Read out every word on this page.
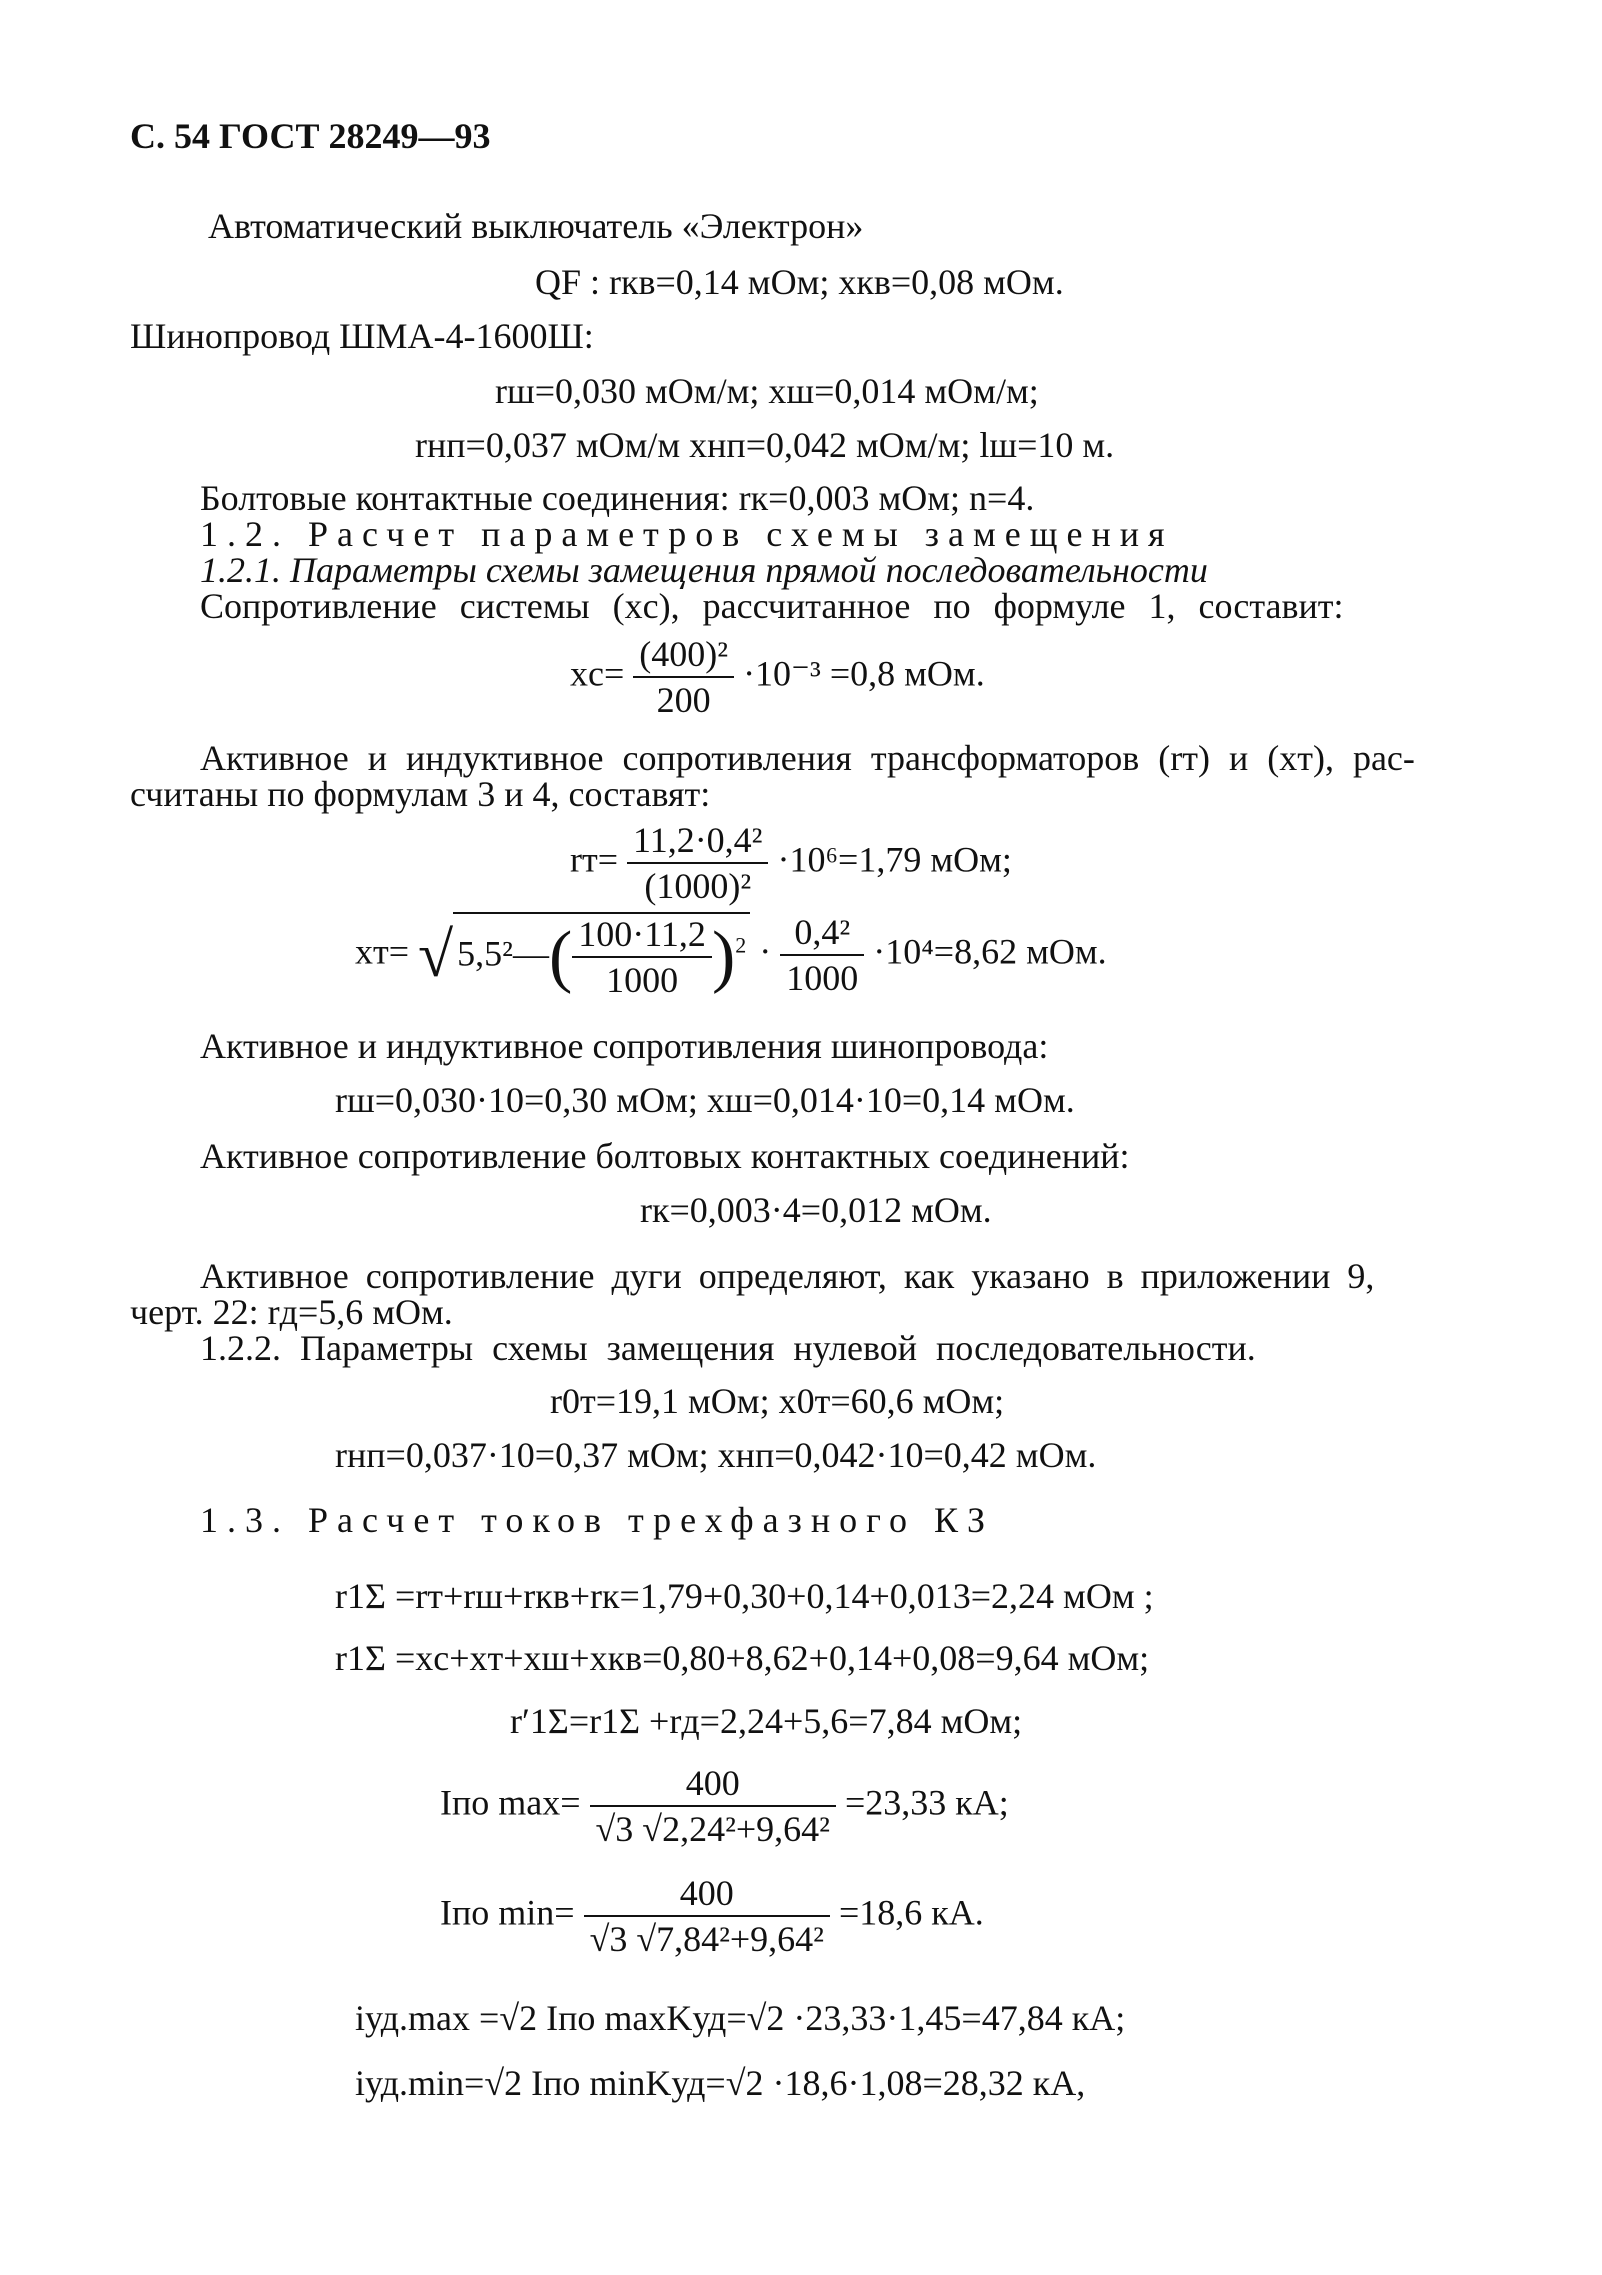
С. 54 ГОСТ 28249—93
Автоматический выключатель «Электрон»
QF : rкв=0,14 мОм; xкв=0,08 мОм.
Шинопровод ШМА-4-1600Ш:
rш=0,030 мОм/м; xш=0,014 мОм/м;
rнп=0,037 мОм/м xнп=0,042 мОм/м; lш=10 м.
Болтовые контактные соединения: rк=0,003 мОм; n=4.
1.2. Расчет параметров схемы замещения
1.2.1. Параметры схемы замещения прямой последовательности
Сопротивление системы (xс), рассчитанное по формуле 1, составит:
$xс= \frac{\text{(400)²}}{200} \cdot 10^{-3} =0,8$ мОм.
Активное и индуктивное сопротивления трансформаторов (rт) и (xт), рас-
считаны по формулам 3 и 4, составят:
$rт= \frac{\text{11,2·0,4²}}{\text{(1000)²}} \cdot 10^6=1,79$ мОм;
xт= √ 5,5²—( $\frac{100\cdot 11,2}{1000} )^2 \cdot \frac{\text{0,4²}}{1000} \cdot 10^4=8,62$ мОм.
Активное и индуктивное сопротивления шинопровода:
rш=0,030·10=0,30 мОм; xш=0,014·10=0,14 мОм.
Активное сопротивление болтовых контактных соединений:
rк=0,003·4=0,012 мОм.
Активное сопротивление дуги определяют, как указано в приложении 9,
черт. 22: rд=5,6 мОм.
1.2.2. Параметры схемы замещения нулевой последовательности.
r0т=19,1 мОм; x0т=60,6 мОм;
rнп=0,037·10=0,37 мОм; xнп=0,042·10=0,42 мОм.
1.3. Расчет токов трехфазного КЗ
r1Σ =rт+rш+rкв+rк=1,79+0,30+0,14+0,013=2,24 мОм ;
r1Σ =xс+xт+xш+xкв=0,80+8,62+0,14+0,08=9,64 мОм;
r′1Σ=r1Σ +rд=2,24+5,6=7,84 мОм;
Iпо $\max= \frac{400}{\text{√3 √2,24²+9,64²}} =23,33$ кА;
Iпо $\min= \frac{400}{\text{√3 √7,84²+9,64²}} =18,6$ кА.
iуд.max =√2 Iпо maxKуд=√2 ·23,33·1,45=47,84 кА;
iуд.min=√2 Iпо minKуд=√2 ·18,6·1,08=28,32 кА,
